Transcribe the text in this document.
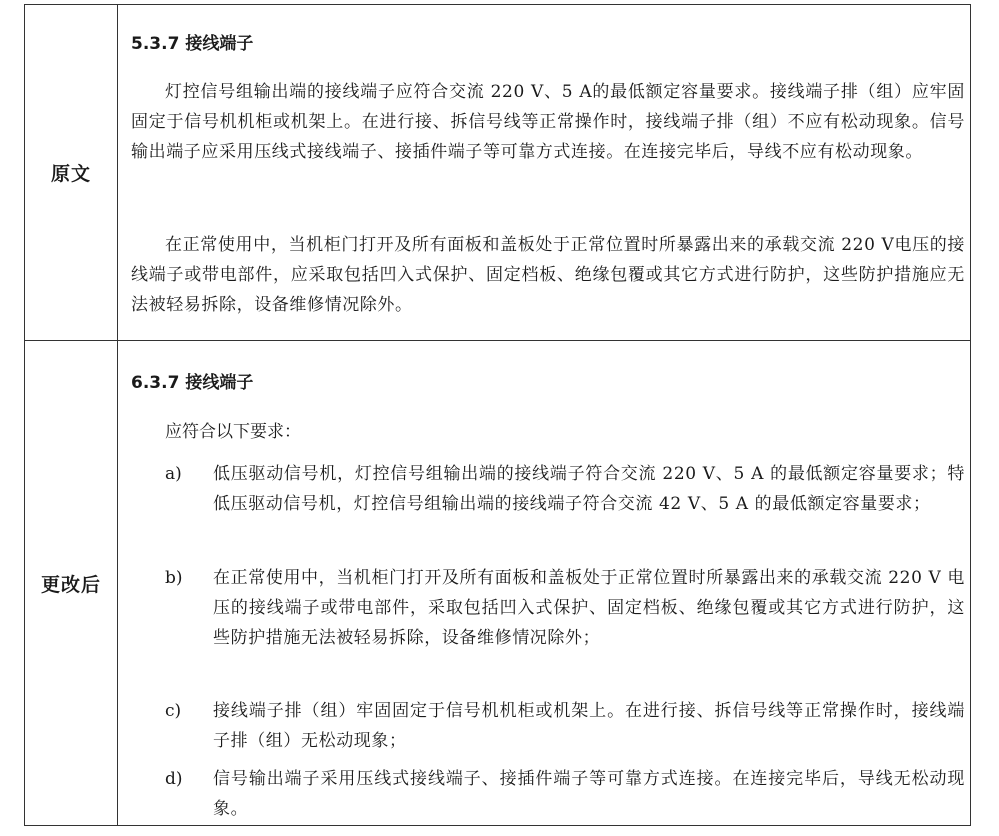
原文
5.3.7 接线端子
灯控信号组输出端的接线端子应符合交流 220 V、5 A的最低额定容量要求。接线端子排（组）应牢固固定于信号机机柜或机架上。在进行接、拆信号线等正常操作时，接线端子排（组）不应有松动现象。信号输出端子应采用压线式接线端子、接插件端子等可靠方式连接。在连接完毕后，导线不应有松动现象。
在正常使用中，当机柜门打开及所有面板和盖板处于正常位置时所暴露出来的承载交流 220 V电压的接线端子或带电部件，应采取包括凹入式保护、固定档板、绝缘包覆或其它方式进行防护，这些防护措施应无法被轻易拆除，设备维修情况除外。
更改后
6.3.7 接线端子
应符合以下要求：
a) 低压驱动信号机，灯控信号组输出端的接线端子符合交流 220 V、5 A 的最低额定容量要求；特低压驱动信号机，灯控信号组输出端的接线端子符合交流 42 V、5 A 的最低额定容量要求；
b) 在正常使用中，当机柜门打开及所有面板和盖板处于正常位置时所暴露出来的承载交流 220 V 电压的接线端子或带电部件，采取包括凹入式保护、固定档板、绝缘包覆或其它方式进行防护，这些防护措施无法被轻易拆除，设备维修情况除外；
c) 接线端子排（组）牢固固定于信号机机柜或机架上。在进行接、拆信号线等正常操作时，接线端子排（组）无松动现象；
d) 信号输出端子采用压线式接线端子、接插件端子等可靠方式连接。在连接完毕后，导线无松动现象。
